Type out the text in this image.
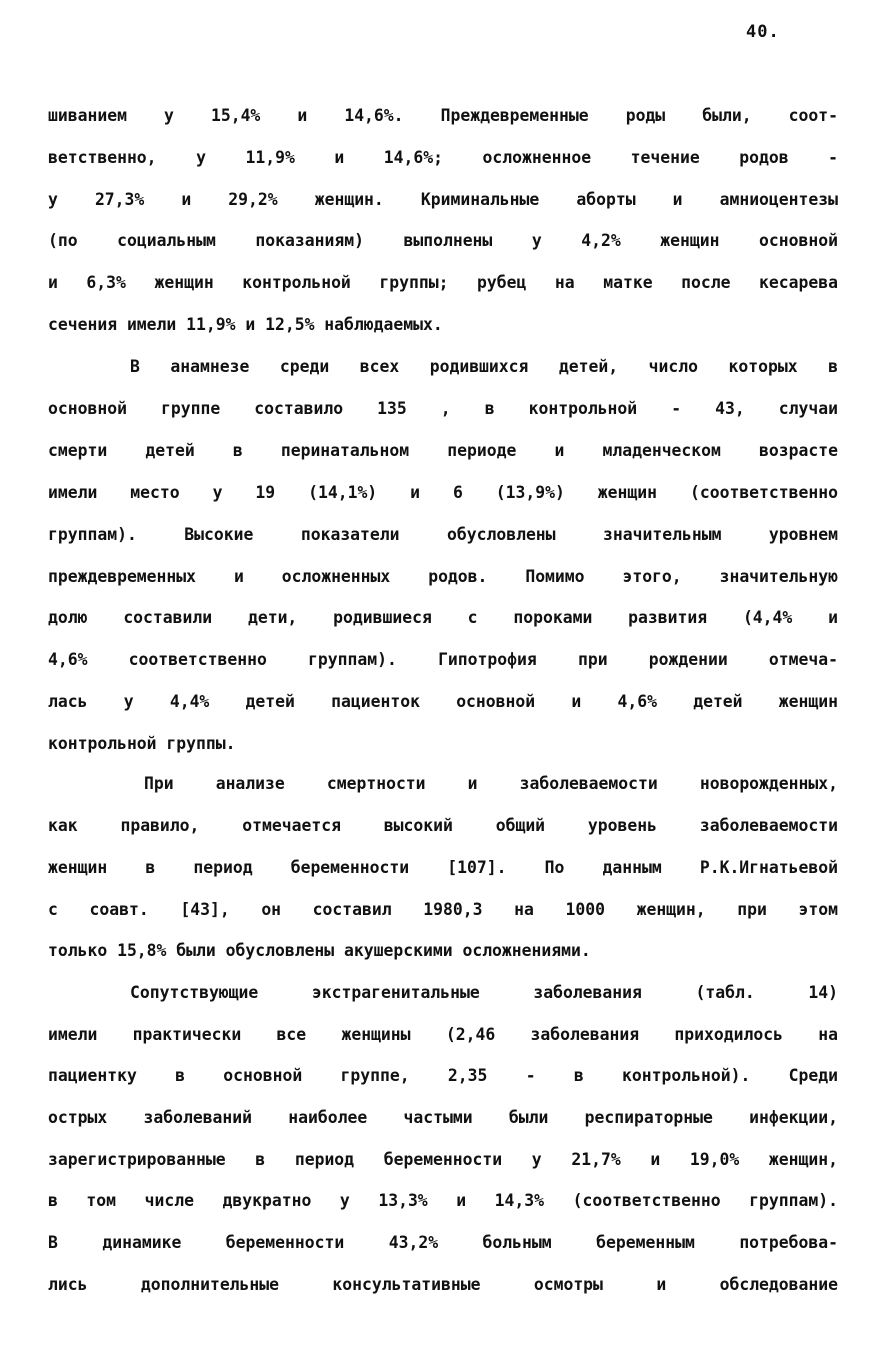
40.
шиванием у 15,4% и 14,6%. Преждевременные роды были, соот-
ветственно, у 11,9% и 14,6%; осложненное течение родов -
у 27,3% и 29,2% женщин. Криминальные аборты и амниоцентезы
(по социальным показаниям) выполнены у 4,2% женщин основной
и 6,3% женщин контрольной группы; рубец на матке после кесарева
сечения имели 11,9% и 12,5% наблюдаемых.
В анамнезе среди всех родившихся детей, число которых в
основной группе составило 135 , в контрольной - 43, случаи
смерти детей в перинатальном периоде и младенческом возрасте
имели место у 19 (14,1%) и 6 (13,9%) женщин (соответственно
группам). Высокие показатели обусловлены значительным уровнем
преждевременных и осложненных родов. Помимо этого, значительную
долю составили дети, родившиеся с пороками развития (4,4% и
4,6% соответственно группам). Гипотрофия при рождении отмеча-
лась у 4,4% детей пациенток основной и 4,6% детей женщин
контрольной группы.
При анализе смертности и заболеваемости новорожденных,
как правило, отмечается высокий общий уровень заболеваемости
женщин в период беременности [107]. По данным Р.К.Игнатьевой
с соавт. [43], он составил 1980,3 на 1000 женщин, при этом
только 15,8% были обусловлены акушерскими осложнениями.
Сопутствующие экстрагенитальные заболевания (табл. 14)
имели практически все женщины (2,46 заболевания приходилось на
пациентку в основной группе, 2,35 - в контрольной). Среди
острых заболеваний наиболее частыми были респираторные инфекции,
зарегистрированные в период беременности у 21,7% и 19,0% женщин,
в том числе двукратно у 13,3% и 14,3% (соответственно группам).
В динамике беременности 43,2% больным беременным потребова-
лись дополнительные консультативные осмотры и обследование
